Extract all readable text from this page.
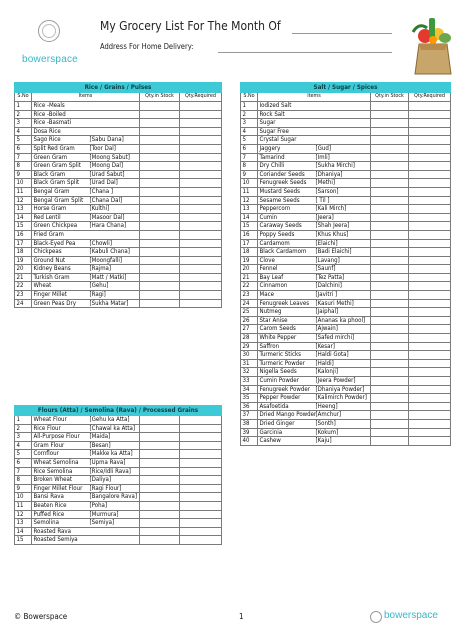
bowerspace
My Grocery List For The Month Of
Address For Home Delivery:
Rice / Grains / Pulses			
S.No	Items	Qty.in Stock	Qty.Required
1	Rice -Meals		
2	Rice -Boiled		
3	Rice -Basmati		
4	Dosa Rice		
5	Sago Rice [Sabu Dana]		
6	Split Red Gram [Toor Dal]		
7	Green Gram [Moong Sabut]		
8	Green Gram Split [Moong Dal]		
9	Black Gram [Urad Sabut]		
10	Black Gram Split [Urad Dal]		
11	Bengal Gram [Chana ]		
12	Bengal Gram Split [Chana Dal]		
13	Horse Gram [Kulthi]		
14	Red Lentil [Masoor Dal]		
15	Green Chickpea [Hara Chana]		
16	Fried Gram		
17	Black-Eyed Pea [Chowli]		
18	Chickpeas [Kabuli Chana]		
19	Ground Nut [Moongfalli]		
20	Kidney Beans [Rajma]		
21	Turkish Gram [Matt / Matki]		
22	Wheat [Gehu]		
23	Finger Millet [Ragi]		
24	Green Peas Dry [Sukha Matar]		
Flours (Atta) / Semolina (Rava) / Processed Grains			
1	Wheat Flour [Gehu ka Atta]		
2	Rice Flour [Chawal ka Atta]		
3	All-Purpose Flour [Maida]		
4	Gram Flour [Besan]		
5	Cornflour [Makke ka Atta]		
6	Wheat Semolina [Upma Rava]		
7	Rice Semolina [Rice/Idli Rava]		
8	Broken Wheat [Daliya]		
9	Finger Millet Flour [Ragi Flour]		
10	Bansi Rava [Bangalore Rava]		
11	Beaten Rice [Poha]		
12	Puffed Rice [Murmura]		
13	Semolina [Semiya]		
14	Roasted Rava		
15	Roasted Semiya		
Salt / Sugar / Spices			
S.No	Items	Qty.in Stock	Qty.Required
1	Iodized Salt		
2	Rock Salt		
3	Sugar		
4	Sugar Free		
5	Crystal Sugar		
6	Jaggery [Gud]		
7	Tamarind [Imli]		
8	Dry Chilli [Sukha Mirchi]		
9	Coriander Seeds [Dhaniya]		
10	Fenugreek Seeds [Methi]		
11	Mustard Seeds [Sarson]		
12	Sesame Seeds [ Til ]		
13	Peppercorn [Kali Mirch]		
14	Cumin [Jeera]		
15	Caraway Seeds [Shah Jeera]		
16	Poppy Seeds [Khus Khus]		
17	Cardamom [Elaichi]		
18	Black Cardamom [Badi Elaichi]		
19	Clove [Lavang]		
20	Fennel [Saunf]		
21	Bay Leaf [Tez Patta]		
22	Cinnamon [Dalchini]		
23	Mace [Javitri ]		
24	Fenugreek Leaves [Kasuri Methi]		
25	Nutmeg [Jaiphal]		
26	Star Anise [Ananas ka phool]		
27	Carom Seeds [Ajwain]		
28	White Pepper [Safed mirchi]		
29	Saffron [Kesar]		
30	Turmeric Sticks [Haldi Gota]		
31	Turmeric Powder [Haldi]		
32	Nigella Seeds [Kalonji]		
33	Cumin Powder [Jeera Powder]		
34	Fenugreek Powder [Dhaniya Powder]		
35	Pepper Powder [Kalimirch Powder]		
36	Asafoetida [Heeng]		
37	Dried Mango Powder[Amchur]		
38	Dried Ginger [Sonth]		
39	Garcinia [Kokum]		
40	Cashew [Kaju]		
© Bowerspace	1	bowerspace
